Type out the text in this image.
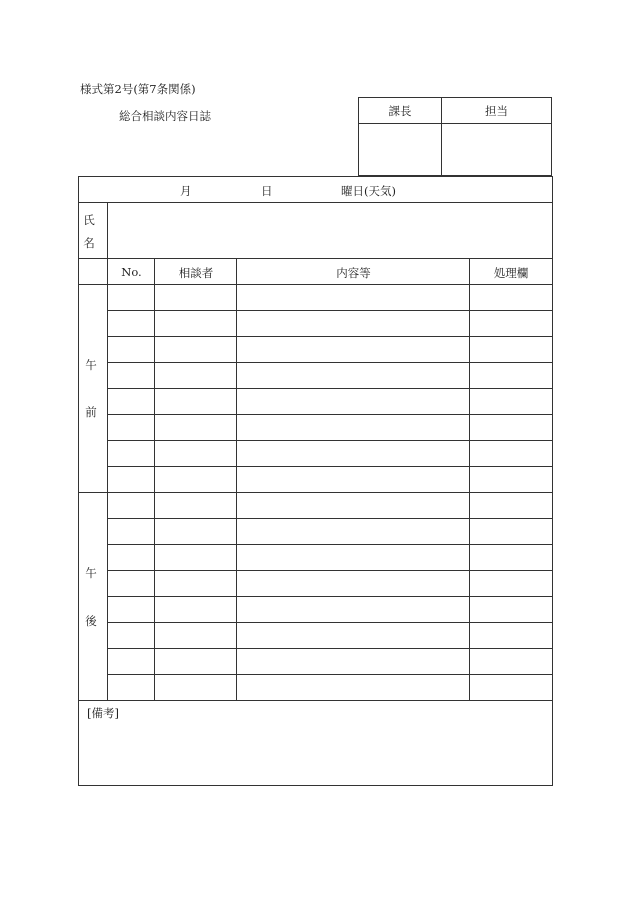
様式第2号(第7条関係)
総合相談内容日誌	課長	担当
月	日	曜日(天気)
氏
名
No.	相談者	内容等	処理欄
午
前
午
後
[備考]
